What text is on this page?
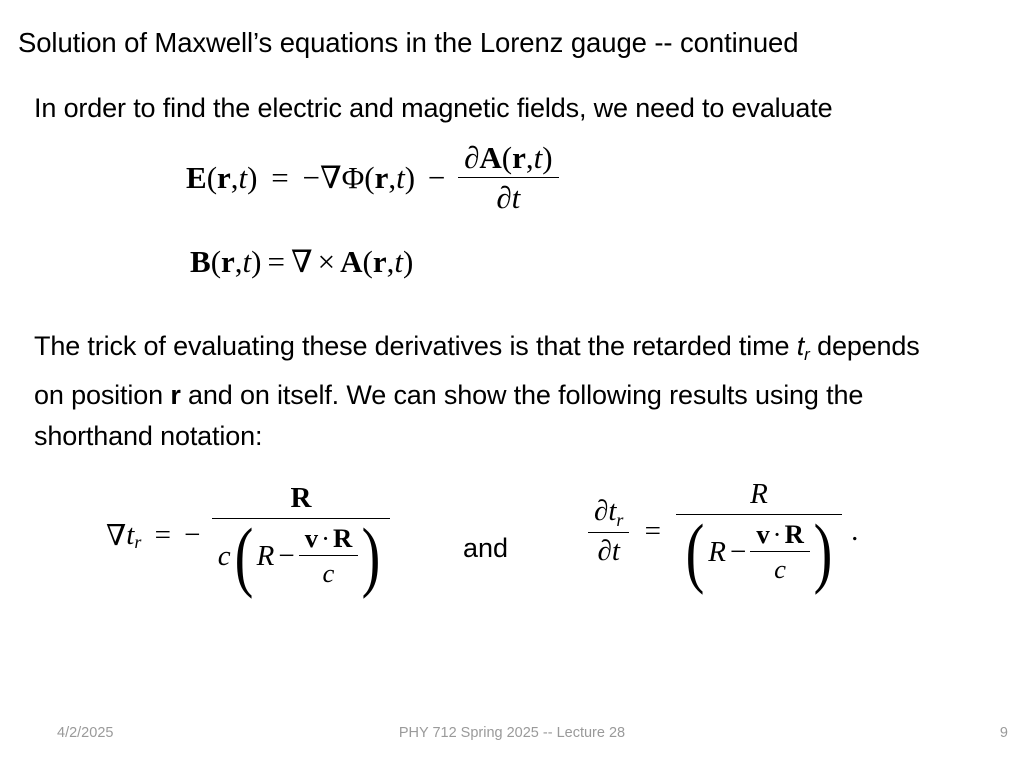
Solution of Maxwell’s equations in the Lorenz gauge -- continued
In order to find the electric and magnetic fields, we need to evaluate
$E(r,t) = -\nabla\Phi(r,t) - \frac{\partial A(r,t)}{\partial t}$
B(r,t) = ∇ × A(r,t)
The trick of evaluating these derivatives is that the retarded time tr depends on position r and on itself. We can show the following results using the shorthand notation:
∇tr = − $\frac{R}{c( R - \frac{v \cdot R}{c} )}$	and	$\frac{\partial t_r}{\partial t} = \frac{R}{( R - \frac{v \cdot R}{c} )}$ .
4/2/2025	PHY 712 Spring 2025 -- Lecture 28	9
